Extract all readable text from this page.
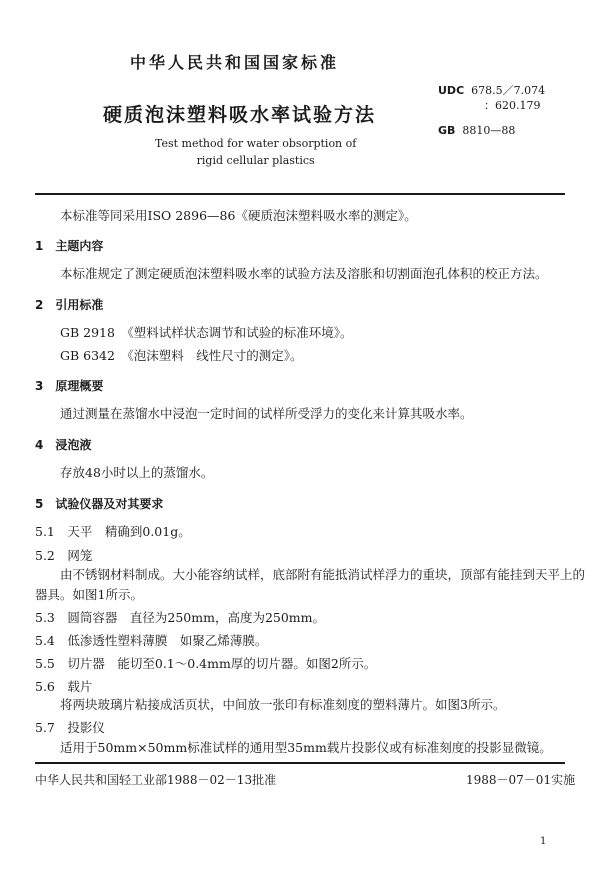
中华人民共和国国家标准
硬质泡沫塑料吸水率试验方法
Test method for water obsorption of
rigid cellular plastics
UDC 678.5／7.074
：620.179
GB 8810—88
本标准等同采用ISO 2896—86《硬质泡沫塑料吸水率的测定》。
1　主题内容
本标准规定了测定硬质泡沫塑料吸水率的试验方法及溶胀和切割面泡孔体积的校正方法。
2　引用标准
GB 2918　《塑料试样状态调节和试验的标准环境》。
GB 6342　《泡沫塑料　线性尺寸的测定》。
3　原理概要
通过测量在蒸馏水中浸泡一定时间的试样所受浮力的变化来计算其吸水率。
4　浸泡液
存放48小时以上的蒸馏水。
5　试验仪器及对其要求
5.1　天平　精确到0.01g。
5.2　网笼
由不锈钢材料制成。大小能容纳试样，底部附有能抵消试样浮力的重块，顶部有能挂到天平上的
器具。如图1所示。
5.3　圆筒容器　直径为250mm，高度为250mm。
5.4　低渗透性塑料薄膜　如聚乙烯薄膜。
5.5　切片器　能切至0.1～0.4mm厚的切片器。如图2所示。
5.6　载片
将两块玻璃片粘接成活页状，中间放一张印有标准刻度的塑料薄片。如图3所示。
5.7　投影仪
适用于50mm×50mm标准试样的通用型35mm载片投影仪或有标准刻度的投影显微镜。
中华人民共和国轻工业部1988－02－13批准	1988－07－01实施
1
